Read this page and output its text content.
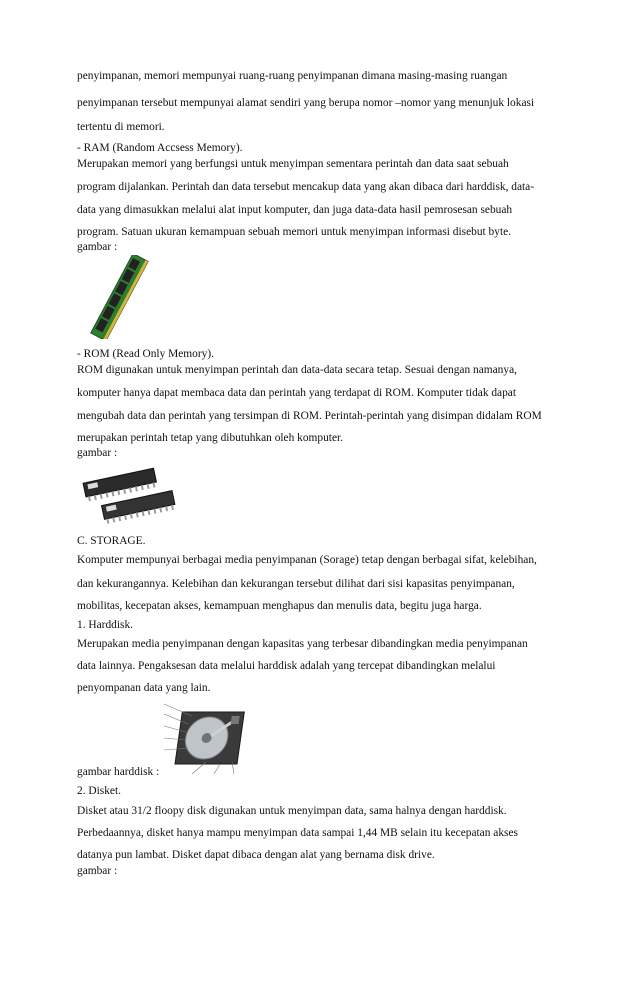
penyimpanan, memori mempunyai ruang-ruang penyimpanan dimana masing-masing ruangan
penyimpanan tersebut mempunyai alamat sendiri yang berupa nomor –nomor yang menunjuk lokasi
tertentu di memori.
- RAM (Random Accsess Memory).
Merupakan memori yang berfungsi untuk menyimpan sementara perintah dan data saat sebuah
program dijalankan. Perintah dan data tersebut mencakup data yang akan dibaca dari harddisk, data-
data yang dimasukkan melalui alat input komputer, dan juga data-data hasil pemrosesan sebuah
program. Satuan ukuran kemampuan sebuah memori untuk menyimpan informasi disebut byte.
gambar :
- ROM (Read Only Memory).
ROM digunakan untuk menyimpan perintah dan data-data secara tetap. Sesuai dengan namanya,
komputer hanya dapat membaca data dan perintah yang terdapat di ROM. Komputer tidak dapat
mengubah data dan perintah yang tersimpan di ROM. Perintah-perintah yang disimpan didalam ROM
merupakan perintah tetap yang dibutuhkan oleh komputer.
gambar :
C. STORAGE.
Komputer mempunyai berbagai media penyimpanan (Sorage) tetap dengan berbagai sifat, kelebihan,
dan kekurangannya. Kelebihan dan kekurangan tersebut dilihat dari sisi kapasitas penyimpanan,
mobilitas, kecepatan akses, kemampuan menghapus dan menulis data, begitu juga harga.
1. Harddisk.
Merupakan media penyimpanan dengan kapasitas yang terbesar dibandingkan media penyimpanan
data lainnya. Pengaksesan data melalui harddisk adalah yang tercepat dibandingkan melalui
penyompanan data yang lain.
gambar harddisk :
2. Disket.
Disket atau 31/2 floopy disk digunakan untuk menyimpan data, sama halnya dengan harddisk.
Perbedaannya, disket hanya mampu menyimpan data sampai 1,44 MB selain itu kecepatan akses
datanya pun lambat. Disket dapat dibaca dengan alat yang bernama disk drive.
gambar :
